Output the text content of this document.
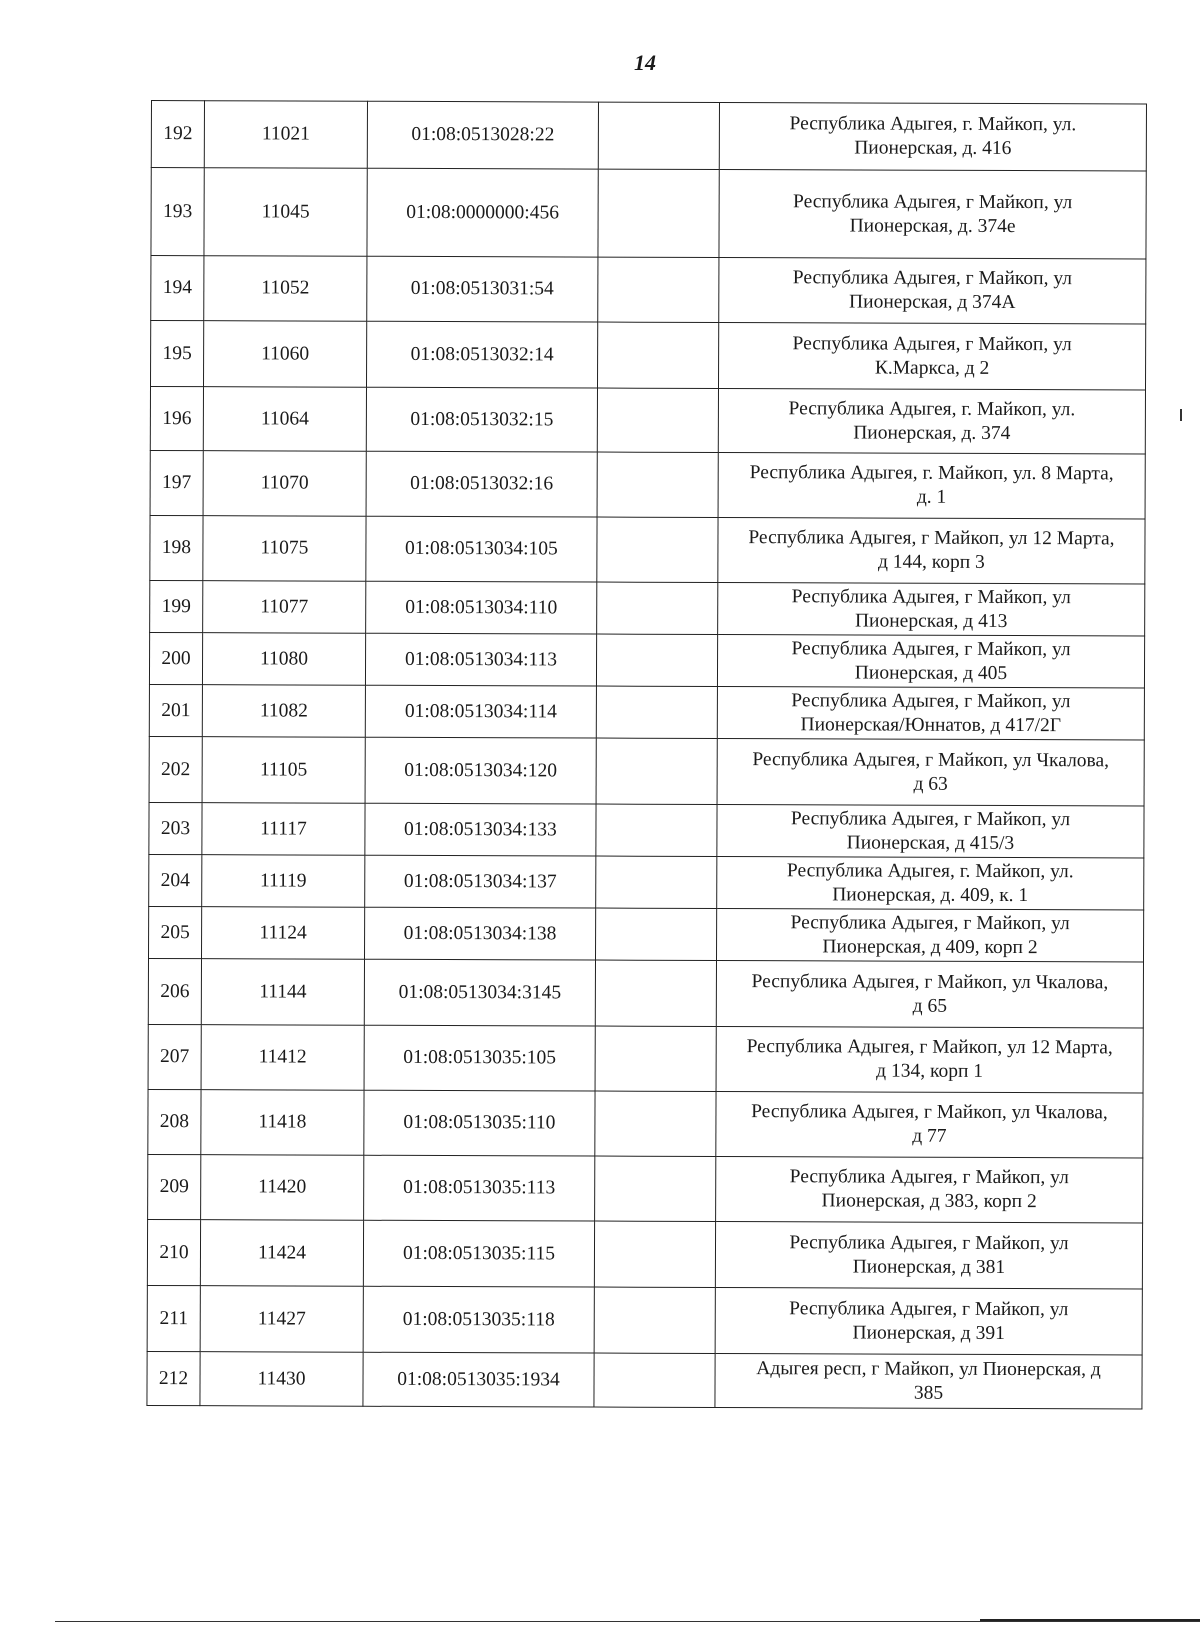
14
192	11021	01:08:0513028:22		Республика Адыгея, г. Майкоп, ул.
Пионерская, д. 416

193	11045	01:08:0000000:456		Республика Адыгея, г Майкоп, ул
Пионерская, д. 374е

194	11052	01:08:0513031:54		Республика Адыгея, г Майкоп, ул
Пионерская, д 374А

195	11060	01:08:0513032:14		Республика Адыгея, г Майкоп, ул
К.Маркса, д 2

196	11064	01:08:0513032:15		Республика Адыгея, г. Майкоп, ул.
Пионерская, д. 374

197	11070	01:08:0513032:16		Республика Адыгея, г. Майкоп, ул. 8 Марта,
д. 1

198	11075	01:08:0513034:105		Республика Адыгея, г Майкоп, ул 12 Марта,
д 144, корп 3

199	11077	01:08:0513034:110		Республика Адыгея, г Майкоп, ул
Пионерская, д 413

200	11080	01:08:0513034:113		Республика Адыгея, г Майкоп, ул
Пионерская, д 405

201	11082	01:08:0513034:114		Республика Адыгея, г Майкоп, ул
Пионерская/Юннатов, д 417/2Г

202	11105	01:08:0513034:120		Республика Адыгея, г Майкоп, ул Чкалова,
д 63

203	11117	01:08:0513034:133		Республика Адыгея, г Майкоп, ул
Пионерская, д 415/3

204	11119	01:08:0513034:137		Республика Адыгея, г. Майкоп, ул.
Пионерская, д. 409, к. 1

205	11124	01:08:0513034:138		Республика Адыгея, г Майкоп, ул
Пионерская, д 409, корп 2

206	11144	01:08:0513034:3145		Республика Адыгея, г Майкоп, ул Чкалова,
д 65

207	11412	01:08:0513035:105		Республика Адыгея, г Майкоп, ул 12 Марта,
д 134, корп 1

208	11418	01:08:0513035:110		Республика Адыгея, г Майкоп, ул Чкалова,
д 77

209	11420	01:08:0513035:113		Республика Адыгея, г Майкоп, ул
Пионерская, д 383, корп 2

210	11424	01:08:0513035:115		Республика Адыгея, г Майкоп, ул
Пионерская, д 381

211	11427	01:08:0513035:118		Республика Адыгея, г Майкоп, ул
Пионерская, д 391

212	11430	01:08:0513035:1934		Адыгея респ, г Майкоп, ул Пионерская, д
385
